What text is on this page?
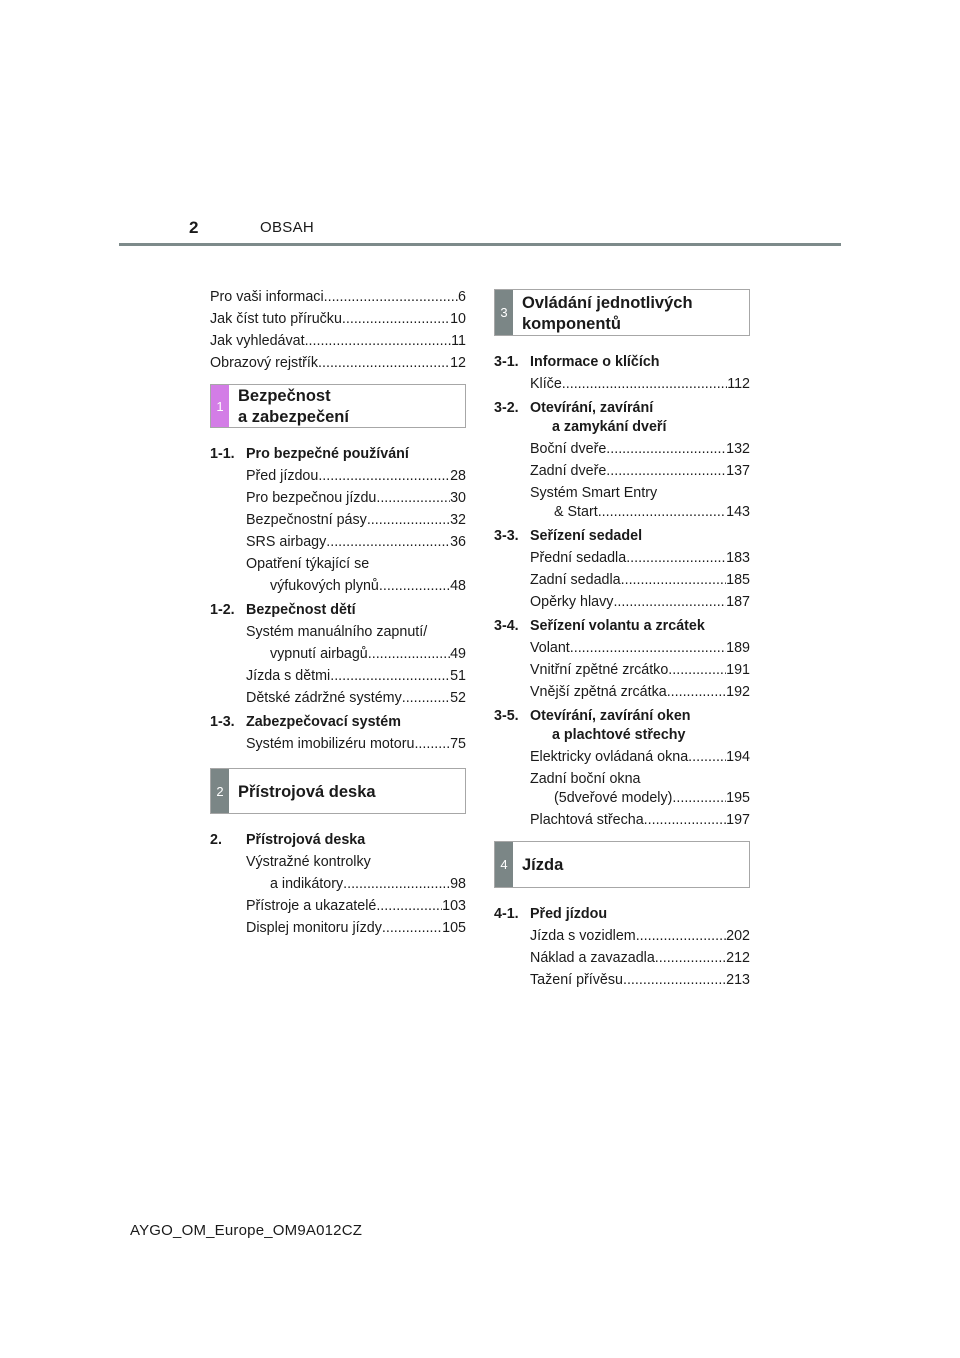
2	OBSAH
Pro vaši informaci .....	6
Jak číst tuto příručku .....	10
Jak vyhledávat .....	11
Obrazový rejstřík .....	12
1
Bezpečnost
a zabezpečení
1-1. Pro bezpečné používání
Před jízdou .....	28
Pro bezpečnou jízdu .....	30
Bezpečnostní pásy .....	32
SRS airbagy .....	36
Opatření týkající se
výfukových plynů .....	48
1-2. Bezpečnost dětí
Systém manuálního zapnutí/
vypnutí airbagů .....	49
Jízda s dětmi .....	51
Dětské zádržné systémy .....	52
1-3. Zabezpečovací systém
Systém imobilizéru motoru ..... 75
2 Přístrojová deska
2.	Přístrojová deska
Výstražné kontrolky
a indikátory .....	98
Přístroje a ukazatelé .....	103
Displej monitoru jízdy .....	105
3
Ovládání jednotlivých
komponentů
3-1. Informace o klíčích
Klíče .....	112
3-2. Otevírání, zavírání
a zamykání dveří
Boční dveře .....	132
Zadní dveře .....	137
Systém Smart Entry
& Start .....	143
3-3. Seřízení sedadel
Přední sedadla .....	183
Zadní sedadla .....	185
Opěrky hlavy .....	187
3-4. Seřízení volantu a zrcátek
Volant .....	189
Vnitřní zpětné zrcátko .....	191
Vnější zpětná zrcátka .....	192
3-5. Otevírání, zavírání oken
a plachtové střechy
Elektricky ovládaná okna .....	194
Zadní boční okna
(5dveřové modely) .....	195
Plachtová střecha .....	197
4 Jízda
4-1. Před jízdou
Jízda s vozidlem .....	202
Náklad a zavazadla .....	212
Tažení přívěsu .....	213
AYGO_OM_Europe_OM9A012CZ
